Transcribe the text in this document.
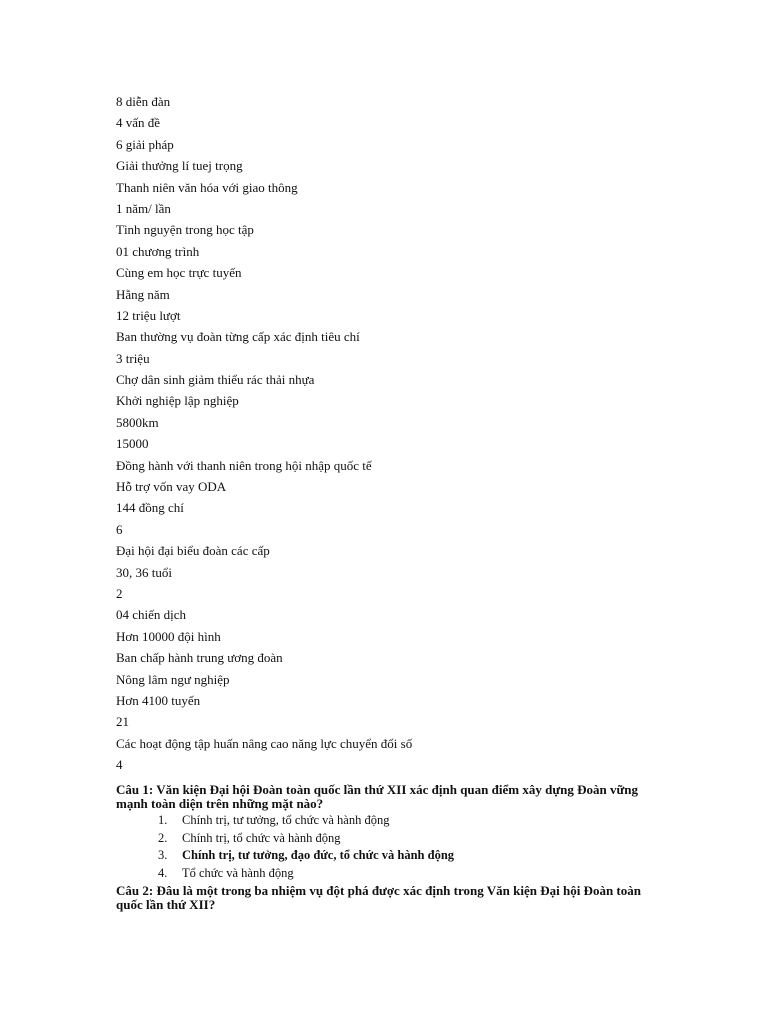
8 diễn đàn
4 vấn đề
6 giải pháp
Giải thưởng lí tuej trọng
Thanh niên văn hóa với giao thông
1 năm/ lần
Tình nguyện trong học tập
01 chương trình
Cùng em học trực tuyến
Hằng năm
12 triệu lượt
Ban thường vụ đoàn từng cấp xác định tiêu chí
3 triệu
Chợ dân sinh giảm thiểu rác thải nhựa
Khởi nghiệp lập nghiệp
5800km
15000
Đồng hành với thanh niên trong hội nhập quốc tế
Hỗ trợ vốn vay ODA
144 đồng chí
6
Đại hội đại biểu đoàn các cấp
30, 36 tuổi
2
04 chiến dịch
Hơn 10000 đội hình
Ban chấp hành trung ương đoàn
Nông lâm ngư nghiệp
Hơn 4100 tuyến
21
Các hoạt động tập huấn nâng cao năng lực chuyển đổi số
4

Câu 1: Văn kiện Đại hội Đoàn toàn quốc lần thứ XII xác định quan điểm xây dựng Đoàn vững
mạnh toàn diện trên những mặt nào?

1. Chính trị, tư tưởng, tổ chức và hành động
2. Chính trị, tổ chức và hành động
3. Chính trị, tư tưởng, đạo đức, tổ chức và hành động
4. Tổ chức và hành động

Câu 2: Đâu là một trong ba nhiệm vụ đột phá được xác định trong Văn kiện Đại hội Đoàn toàn
quốc lần thứ XII?
